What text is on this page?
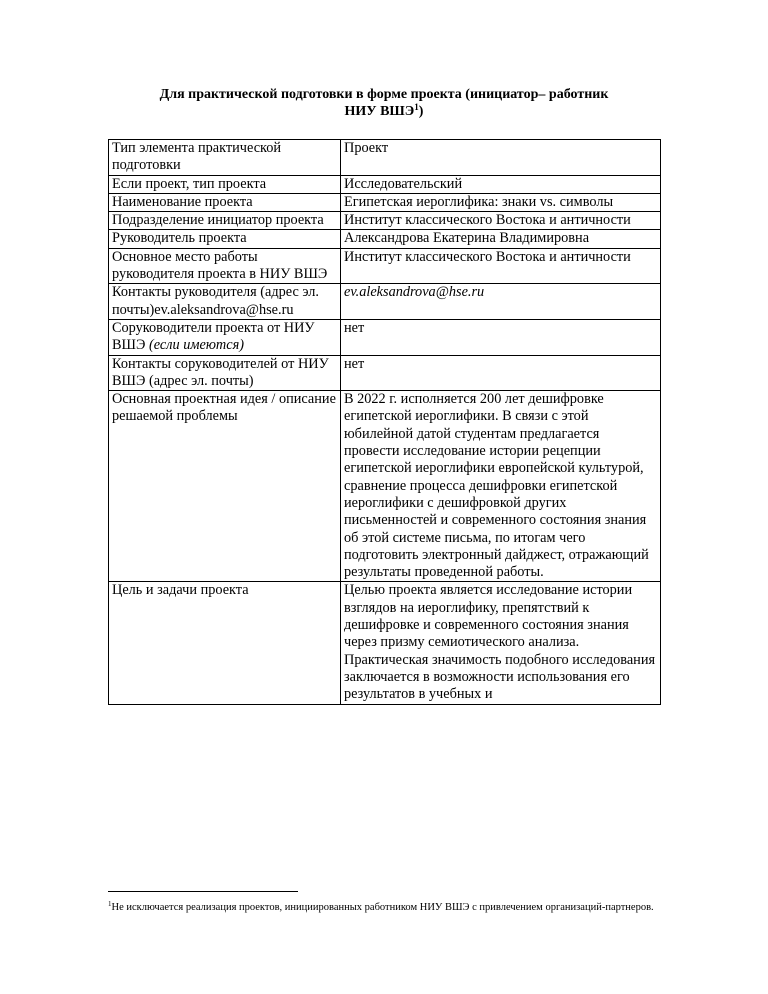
Для практической подготовки в форме проекта (инициатор– работник
НИУ ВШЭ$^1$)
Тип элемента практической подготовки	Проект
Если проект, тип проекта	Исследовательский
Наименование проекта	Египетская иероглифика: знаки vs. символы
Подразделение инициатор проекта	Институт классического Востока и античности
Руководитель проекта	Александрова Екатерина Владимировна
Основное место работы руководителя проекта в НИУ ВШЭ	Институт классического Востока и античности
Контакты руководителя (адрес эл. почты)ev.aleksandrova@hse.ru	ev.aleksandrova@hse.ru
Соруководители проекта от НИУ ВШЭ (если имеются)	нет
Контакты соруководителей от НИУ ВШЭ (адрес эл. почты)	нет
Основная проектная идея / описание решаемой проблемы	В 2022 г. исполняется 200 лет дешифровке египетской иероглифики. В связи с этой юбилейной датой студентам предлагается провести исследование истории рецепции египетской иероглифики европейской культурой, сравнение процесса дешифровки египетской иероглифики с дешифровкой других письменностей и современного состояния знания об этой системе письма, по итогам чего подготовить электронный дайджест, отражающий результаты проведенной работы.
Цель и задачи проекта	Целью проекта является исследование истории взглядов на иероглифику, препятствий к дешифровке и современного состояния знания через призму семиотического анализа.
Практическая значимость подобного исследования заключается в возможности использования его результатов в учебных и
$^1$Не исключается реализация проектов, инициированных работником НИУ ВШЭ с привлечением организаций-партнеров.
